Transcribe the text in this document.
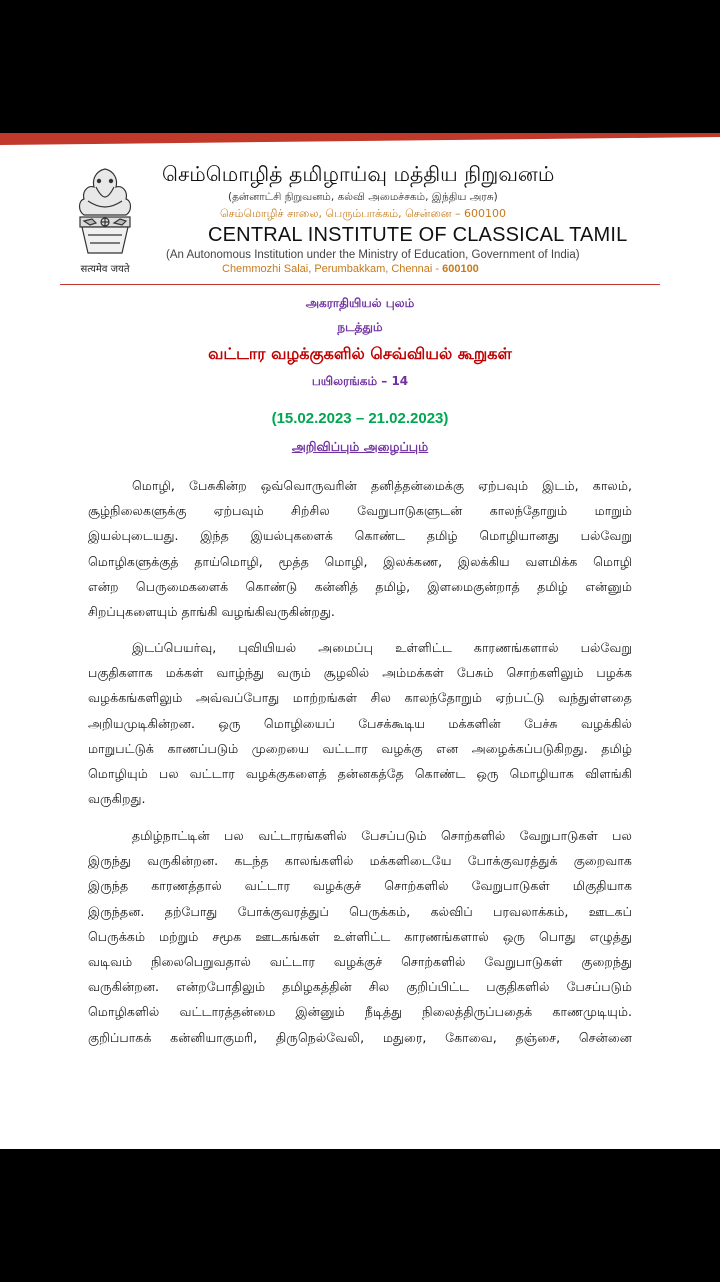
सत्यमेव जयते
செம்மொழித் தமிழாய்வு மத்திய நிறுவனம்
(தன்னாட்சி நிறுவனம், கல்வி அமைச்சகம், இந்திய அரசு)
செம்மொழிச் சாலை, பெரும்பாக்கம், சென்னை – 600100
CENTRAL INSTITUTE OF CLASSICAL TAMIL
(An Autonomous Institution under the Ministry of Education, Government of India)
Chemmozhi Salai, Perumbakkam, Chennai - 600100
அகராதியியல் புலம்
நடத்தும்
வட்டார வழக்குகளில் செவ்வியல் கூறுகள்
பயிலரங்கம் – 14
(15.02.2023 – 21.02.2023)
அறிவிப்பும் அழைப்பும்
மொழி, பேசுகின்ற ஒவ்வொருவரின் தனித்தன்மைக்கு ஏற்பவும் இடம், காலம்,
சூழ்நிலைகளுக்கு ஏற்பவும் சிற்சில வேறுபாடுகளுடன் காலந்தோறும் மாறும்
இயல்புடையது. இந்த இயல்புகளைக் கொண்ட தமிழ் மொழியானது பல்வேறு
மொழிகளுக்குத் தாய்மொழி, மூத்த மொழி, இலக்கண, இலக்கிய வளமிக்க மொழி
என்ற பெருமைகளைக் கொண்டு கன்னித் தமிழ், இளமைகுன்றாத் தமிழ் என்னும்
சிறப்புகளையும் தாங்கி வழங்கிவருகின்றது.
இடப்பெயர்வு, புவியியல் அமைப்பு உள்ளிட்ட காரணங்களால் பல்வேறு
பகுதிகளாக மக்கள் வாழ்ந்து வரும் சூழலில் அம்மக்கள் பேசும் சொற்களிலும் பழக்க
வழக்கங்களிலும் அவ்வப்போது மாற்றங்கள் சில காலந்தோறும் ஏற்பட்டு வந்துள்ளதை
அறியமுடிகின்றன. ஒரு மொழியைப் பேசக்கூடிய மக்களின் பேச்சு வழக்கில்
மாறுபட்டுக் காணப்படும் முறையை வட்டார வழக்கு என அழைக்கப்படுகிறது. தமிழ்
மொழியும் பல வட்டார வழக்குகளைத் தன்னகத்தே கொண்ட ஒரு மொழியாக விளங்கி
வருகிறது.
தமிழ்நாட்டின் பல வட்டாரங்களில் பேசப்படும் சொற்களில் வேறுபாடுகள் பல
இருந்து வருகின்றன. கடந்த காலங்களில் மக்களிடையே போக்குவரத்துக் குறைவாக
இருந்த காரணத்தால் வட்டார வழக்குச் சொற்களில் வேறுபாடுகள் மிகுதியாக
இருந்தன. தற்போது போக்குவரத்துப் பெருக்கம், கல்விப் பரவலாக்கம், ஊடகப்
பெருக்கம் மற்றும் சமூக ஊடகங்கள் உள்ளிட்ட காரணங்களால் ஒரு பொது எழுத்து
வடிவம் நிலைபெறுவதால் வட்டார வழக்குச் சொற்களில் வேறுபாடுகள் குறைந்து
வருகின்றன. என்றபோதிலும் தமிழகத்தின் சில குறிப்பிட்ட பகுதிகளில் பேசப்படும்
மொழிகளில் வட்டாரத்தன்மை இன்னும் நீடித்து நிலைத்திருப்பதைக் காணமுடியும்.
குறிப்பாகக் கன்னியாகுமரி, திருநெல்வேலி, மதுரை, கோவை, தஞ்சை, சென்னை
